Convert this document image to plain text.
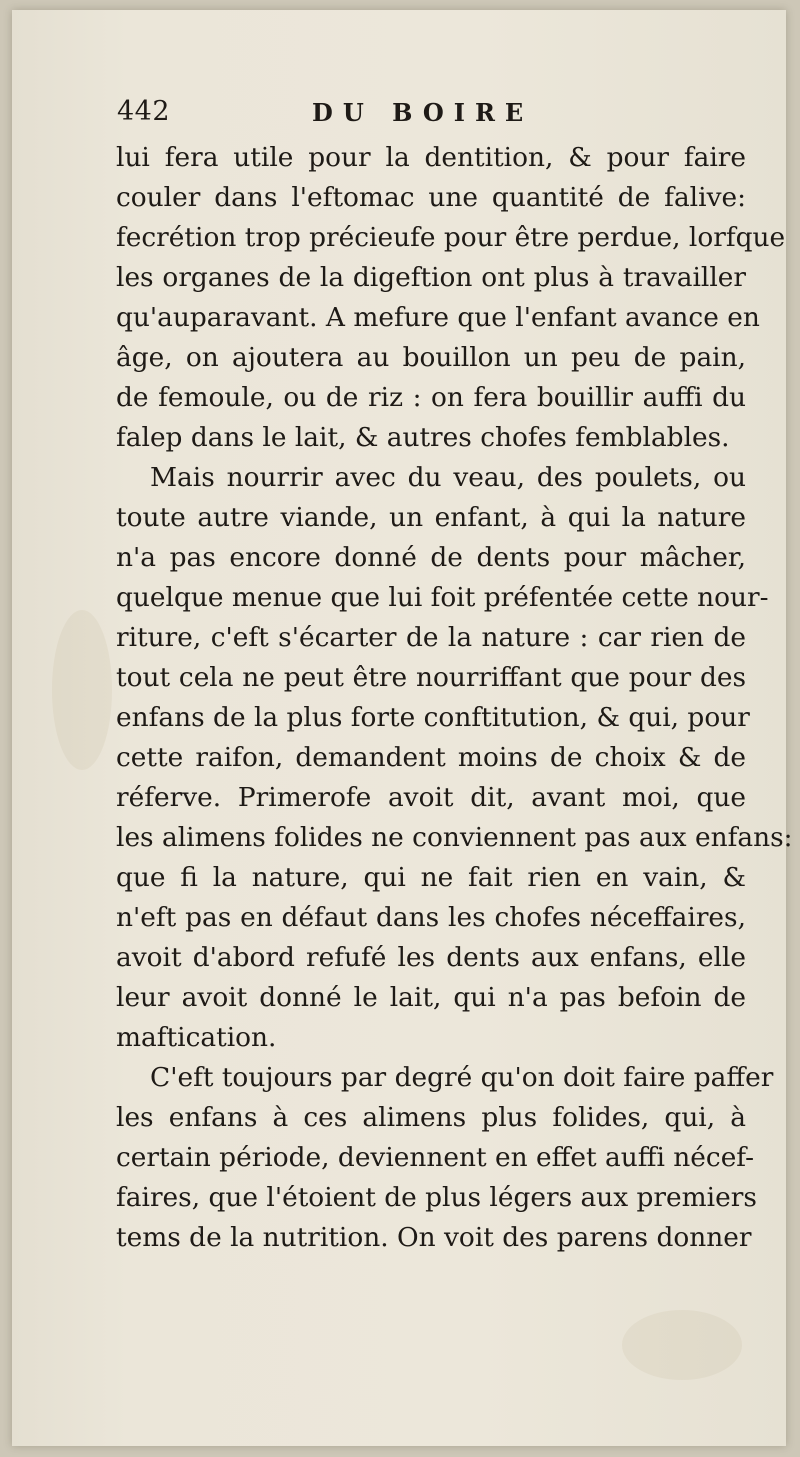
442	DU BOIRE
lui fera utile pour la dentition, & pour faire
couler dans l'eftomac une quantité de falive:
fecrétion trop précieufe pour être perdue, lorfque
les organes de la digeftion ont plus à travailler
qu'auparavant. A mefure que l'enfant avance en
âge, on ajoutera au bouillon un peu de pain,
de femoule, ou de riz : on fera bouillir auffi du
falep dans le lait, & autres chofes femblables.
Mais nourrir avec du veau, des poulets, ou
toute autre viande, un enfant, à qui la nature
n'a pas encore donné de dents pour mâcher,
quelque menue que lui foit préfentée cette nour-
riture, c'eft s'écarter de la nature : car rien de
tout cela ne peut être nourriffant que pour des
enfans de la plus forte conftitution, & qui, pour
cette raifon, demandent moins de choix & de
réferve. Primerofe avoit dit, avant moi, que
les alimens folides ne conviennent pas aux enfans:
que fi la nature, qui ne fait rien en vain, &
n'eft pas en défaut dans les chofes néceffaires,
avoit d'abord refufé les dents aux enfans, elle
leur avoit donné le lait, qui n'a pas befoin de
maftication.
C'eft toujours par degré qu'on doit faire paffer
les enfans à ces alimens plus folides, qui, à
certain période, deviennent en effet auffi nécef-
faires, que l'étoient de plus légers aux premiers
tems de la nutrition. On voit des parens donner
